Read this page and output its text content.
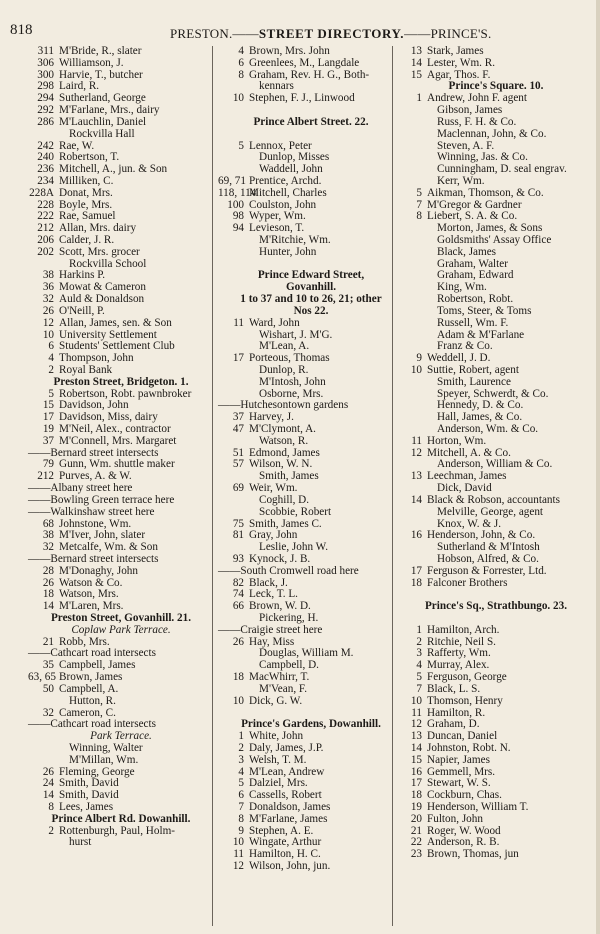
818	PRESTON.——STREET DIRECTORY.——PRINCE'S.
311 M'Bride, R., slater
306 Williamson, J.
300 Harvie, T., butcher
298 Laird, R.
294 Sutherland, George
292 M'Farlane, Mrs., dairy
286 M'Lauchlin, Daniel
Rockvilla Hall
242 Rae, W.
240 Robertson, T.
236 Mitchell, A., jun. & Son
234 Milliken, C.
228A Donat, Mrs.
228 Boyle, Mrs.
222 Rae, Samuel
212 Allan, Mrs. dairy
206 Calder, J. R.
202 Scott, Mrs. grocer
Rockvilla School
38 Harkins P.
36 Mowat & Cameron
32 Auld & Donaldson
26 O'Neill, P.
12 Allan, James, sen. & Son
10 University Settlement
6 Students' Settlement Club
4 Thompson, John
2 Royal Bank
Preston Street, Bridgeton. 1.
5 Robertson, Robt. pawnbroker
15 Davidson, John
17 Davidson, Miss, dairy
19 M'Neil, Alex., contractor
37 M'Connell, Mrs. Margaret
——Bernard street intersects
79 Gunn, Wm. shuttle maker
212 Purves, A. & W.
——Albany street here
——Bowling Green terrace here
——Walkinshaw street here
68 Johnstone, Wm.
38 M'Iver, John, slater
32 Metcalfe, Wm. & Son
——Bernard street intersects
28 M'Donaghy, John
26 Watson & Co.
18 Watson, Mrs.
14 M'Laren, Mrs.
Preston Street, Govanhill. 21.
Coplaw Park Terrace.
21 Robb, Mrs.
——Cathcart road intersects
35 Campbell, James
63, 65 Brown, James
50 Campbell, A.
Hutton, R.
32 Cameron, C.
——Cathcart road intersects
Park Terrace.
Winning, Walter
M'Millan, Wm.
26 Fleming, George
24 Smith, David
14 Smith, David
8 Lees, James
Prince Albert Rd. Dowanhill.
2 Rottenburgh, Paul, Holm-
hurst
4 Brown, Mrs. John
6 Greenlees, M., Langdale
8 Graham, Rev. H. G., Both-
kennars
10 Stephen, F. J., Linwood
Prince Albert Street. 22.
5 Lennox, Peter
Dunlop, Misses
Waddell, John
69, 71 Prentice, Archd.
118, 114
Mitchell, Charles
100 Coulston, John
98 Wyper, Wm.
94 Levieson, T.
M'Ritchie, Wm.
Hunter, John
Prince Edward Street,
Govanhill.
1 to 37 and 10 to 26, 21; other
Nos 22.
11 Ward, John
Wishart, J. M'G.
M'Lean, A.
17 Porteous, Thomas
Dunlop, R.
M'Intosh, John
Osborne, Mrs.
——Hutchesontown gardens
37 Harvey, J.
47 M'Clymont, A.
Watson, R.
51 Edmond, James
57 Wilson, W. N.
Smith, James
69 Weir, Wm.
Coghill, D.
Scobbie, Robert
75 Smith, James C.
81 Gray, John
Leslie, John W.
93 Kynock, J. B.
——South Cromwell road here
82 Black, J.
74 Leck, T. L.
66 Brown, W. D.
Pickering, H.
——Craigie street here
26 Hay, Miss
Douglas, William M.
Campbell, D.
18 MacWhirr, T.
M'Vean, F.
10 Dick, G. W.
Prince's Gardens, Dowanhill.
1 White, John
2 Daly, James, J.P.
3 Welsh, T. M.
4 M'Lean, Andrew
5 Dalziel, Mrs.
6 Cassells, Robert
7 Donaldson, James
8 M'Farlane, James
9 Stephen, A. E.
10 Wingate, Arthur
11 Hamilton, H. C.
12 Wilson, John, jun.
13 Stark, James
14 Lester, Wm. R.
15 Agar, Thos. F.
Prince's Square. 10.
1 Andrew, John F. agent
Gibson, James
Russ, F. H. & Co.
Maclennan, John, & Co.
Steven, A. F.
Winning, Jas. & Co.
Cunningham, D. seal engrav.
Kerr, Wm.
5 Aikman, Thomson, & Co.
7 M'Gregor & Gardner
8 Liebert, S. A. & Co.
Morton, James, & Sons
Goldsmiths' Assay Office
Black, James
Graham, Walter
Graham, Edward
King, Wm.
Robertson, Robt.
Toms, Steer, & Toms
Russell, Wm. F.
Adam & M'Farlane
Franz & Co.
9 Weddell, J. D.
10 Suttie, Robert, agent
Smith, Laurence
Speyer, Schwerdt, & Co.
Hennedy, D. & Co.
Hall, James, & Co.
Anderson, Wm. & Co.
11 Horton, Wm.
12 Mitchell, A. & Co.
Anderson, William & Co.
13 Leechman, James
Dick, David
14 Black & Robson, accountants
Melville, George, agent
Knox, W. & J.
16 Henderson, John, & Co.
Sutherland & M'Intosh
Hobson, Alfred, & Co.
17 Ferguson & Forrester, Ltd.
18 Falconer Brothers
Prince's Sq., Strathbungo. 23.
1 Hamilton, Arch.
2 Ritchie, Neil S.
3 Rafferty, Wm.
4 Murray, Alex.
5 Ferguson, George
7 Black, L. S.
10 Thomson, Henry
11 Hamilton, R.
12 Graham, D.
13 Duncan, Daniel
14 Johnston, Robt. N.
15 Napier, James
16 Gemmell, Mrs.
17 Stewart, W. S.
18 Cockburn, Chas.
19 Henderson, William T.
20 Fulton, John
21 Roger, W. Wood
22 Anderson, R. B.
23 Brown, Thomas, jun
